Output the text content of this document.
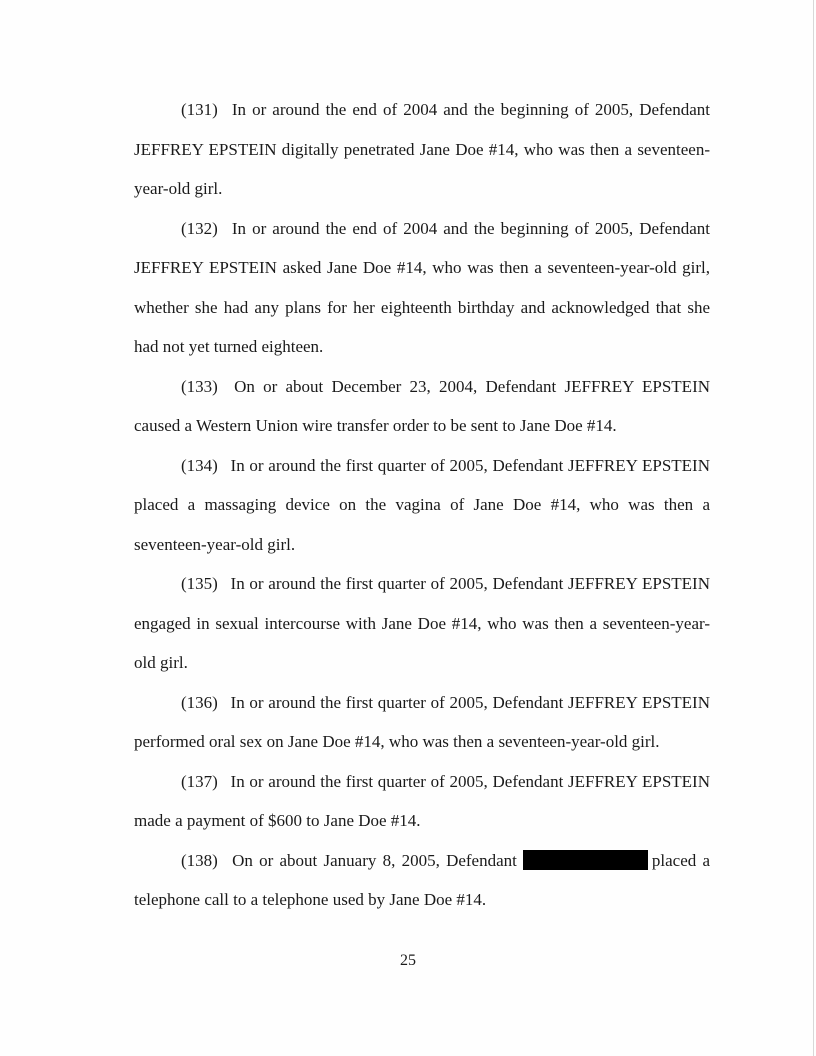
(131) In or around the end of 2004 and the beginning of 2005, Defendant JEFFREY EPSTEIN digitally penetrated Jane Doe #14, who was then a seventeen-year-old girl.

(132) In or around the end of 2004 and the beginning of 2005, Defendant JEFFREY EPSTEIN asked Jane Doe #14, who was then a seventeen-year-old girl, whether she had any plans for her eighteenth birthday and acknowledged that she had not yet turned eighteen.

(133) On or about December 23, 2004, Defendant JEFFREY EPSTEIN caused a Western Union wire transfer order to be sent to Jane Doe #14.

(134) In or around the first quarter of 2005, Defendant JEFFREY EPSTEIN placed a massaging device on the vagina of Jane Doe #14, who was then a seventeen-year-old girl.

(135) In or around the first quarter of 2005, Defendant JEFFREY EPSTEIN engaged in sexual intercourse with Jane Doe #14, who was then a seventeen-year-old girl.

(136) In or around the first quarter of 2005, Defendant JEFFREY EPSTEIN performed oral sex on Jane Doe #14, who was then a seventeen-year-old girl.

(137) In or around the first quarter of 2005, Defendant JEFFREY EPSTEIN made a payment of $600 to Jane Doe #14.

(138) On or about January 8, 2005, Defendant	placed a telephone call to a telephone used by Jane Doe #14.

25
